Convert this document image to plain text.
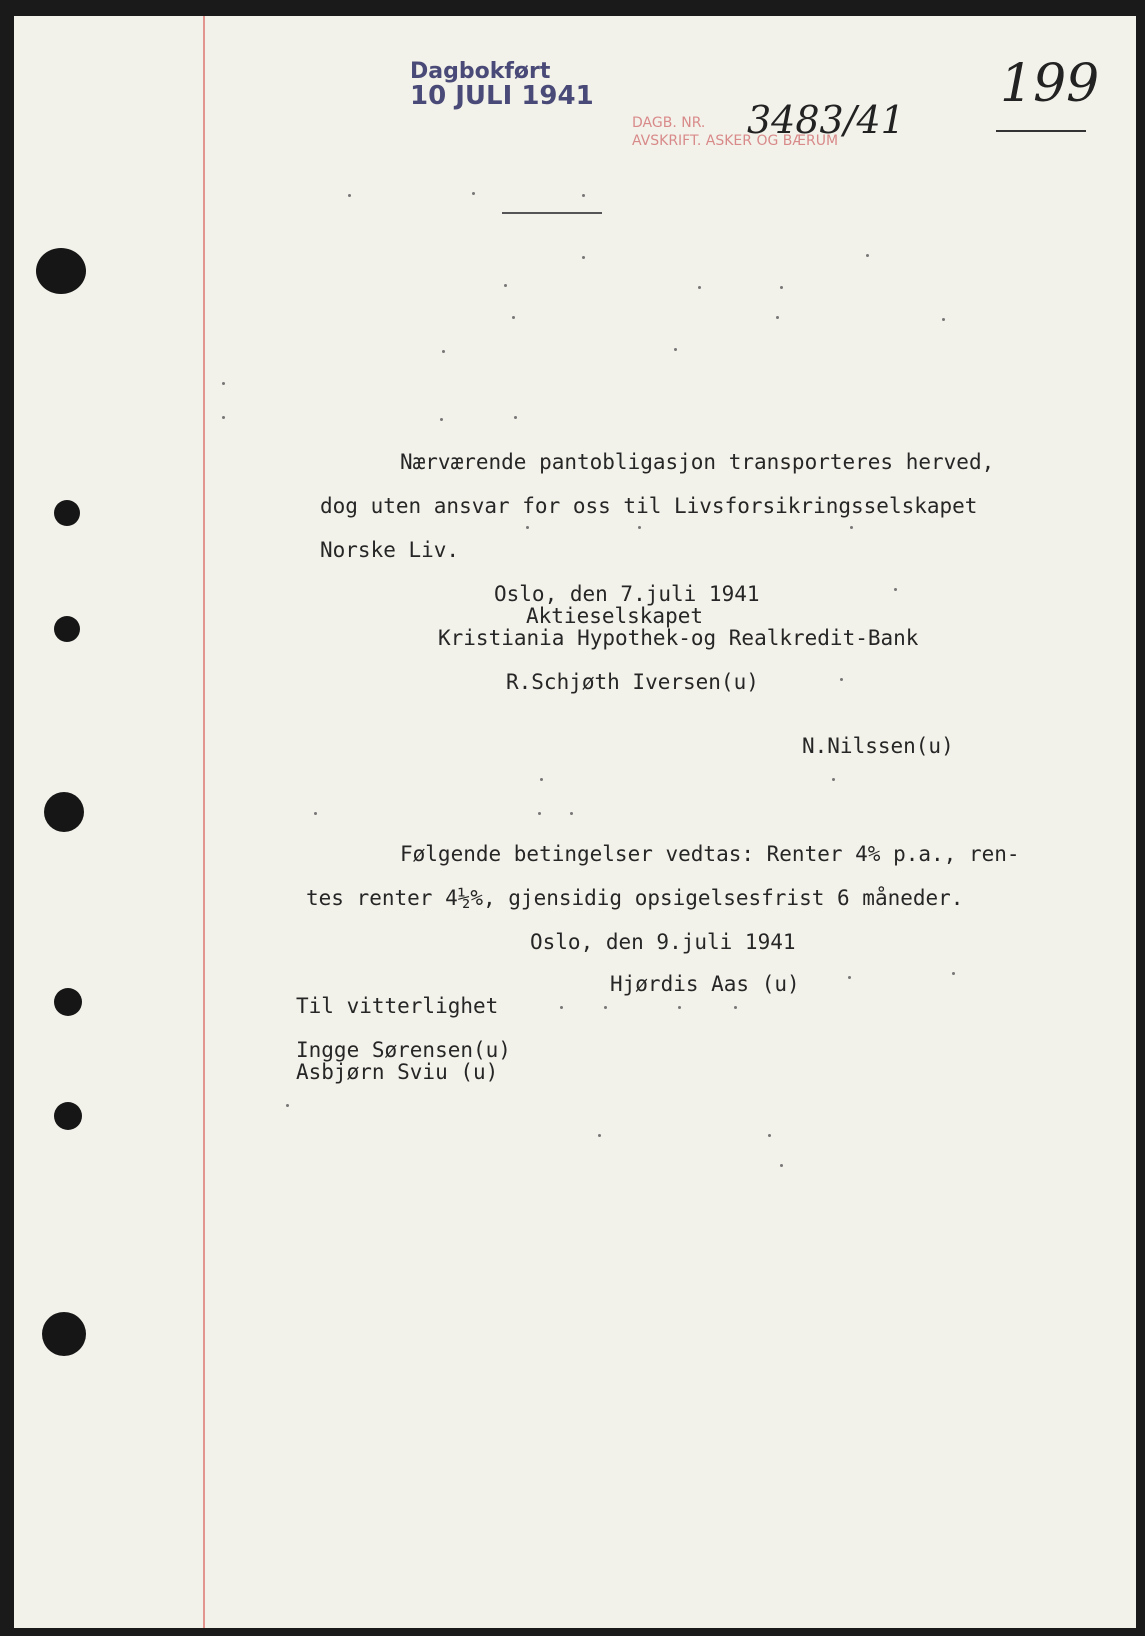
Dagbokført
10 JULI 1941
DAGB. NR.
AVSKRIFT. ASKER OG BÆRUM
3483/41
199
Nærværende pantobligasjon transporteres herved,
dog uten ansvar for oss til Livsforsikringsselskapet
Norske Liv.
Oslo, den 7.juli 1941
Aktieselskapet
Kristiania Hypothek-og Realkredit-Bank
R.Schjøth Iversen(u)
N.Nilssen(u)
Følgende betingelser vedtas: Renter 4% p.a., ren-
tes renter 4½%, gjensidig opsigelsesfrist 6 måneder.
Oslo, den 9.juli 1941
Hjørdis Aas (u)
Til vitterlighet
Ingge Sørensen(u)
Asbjørn Sviu (u)
